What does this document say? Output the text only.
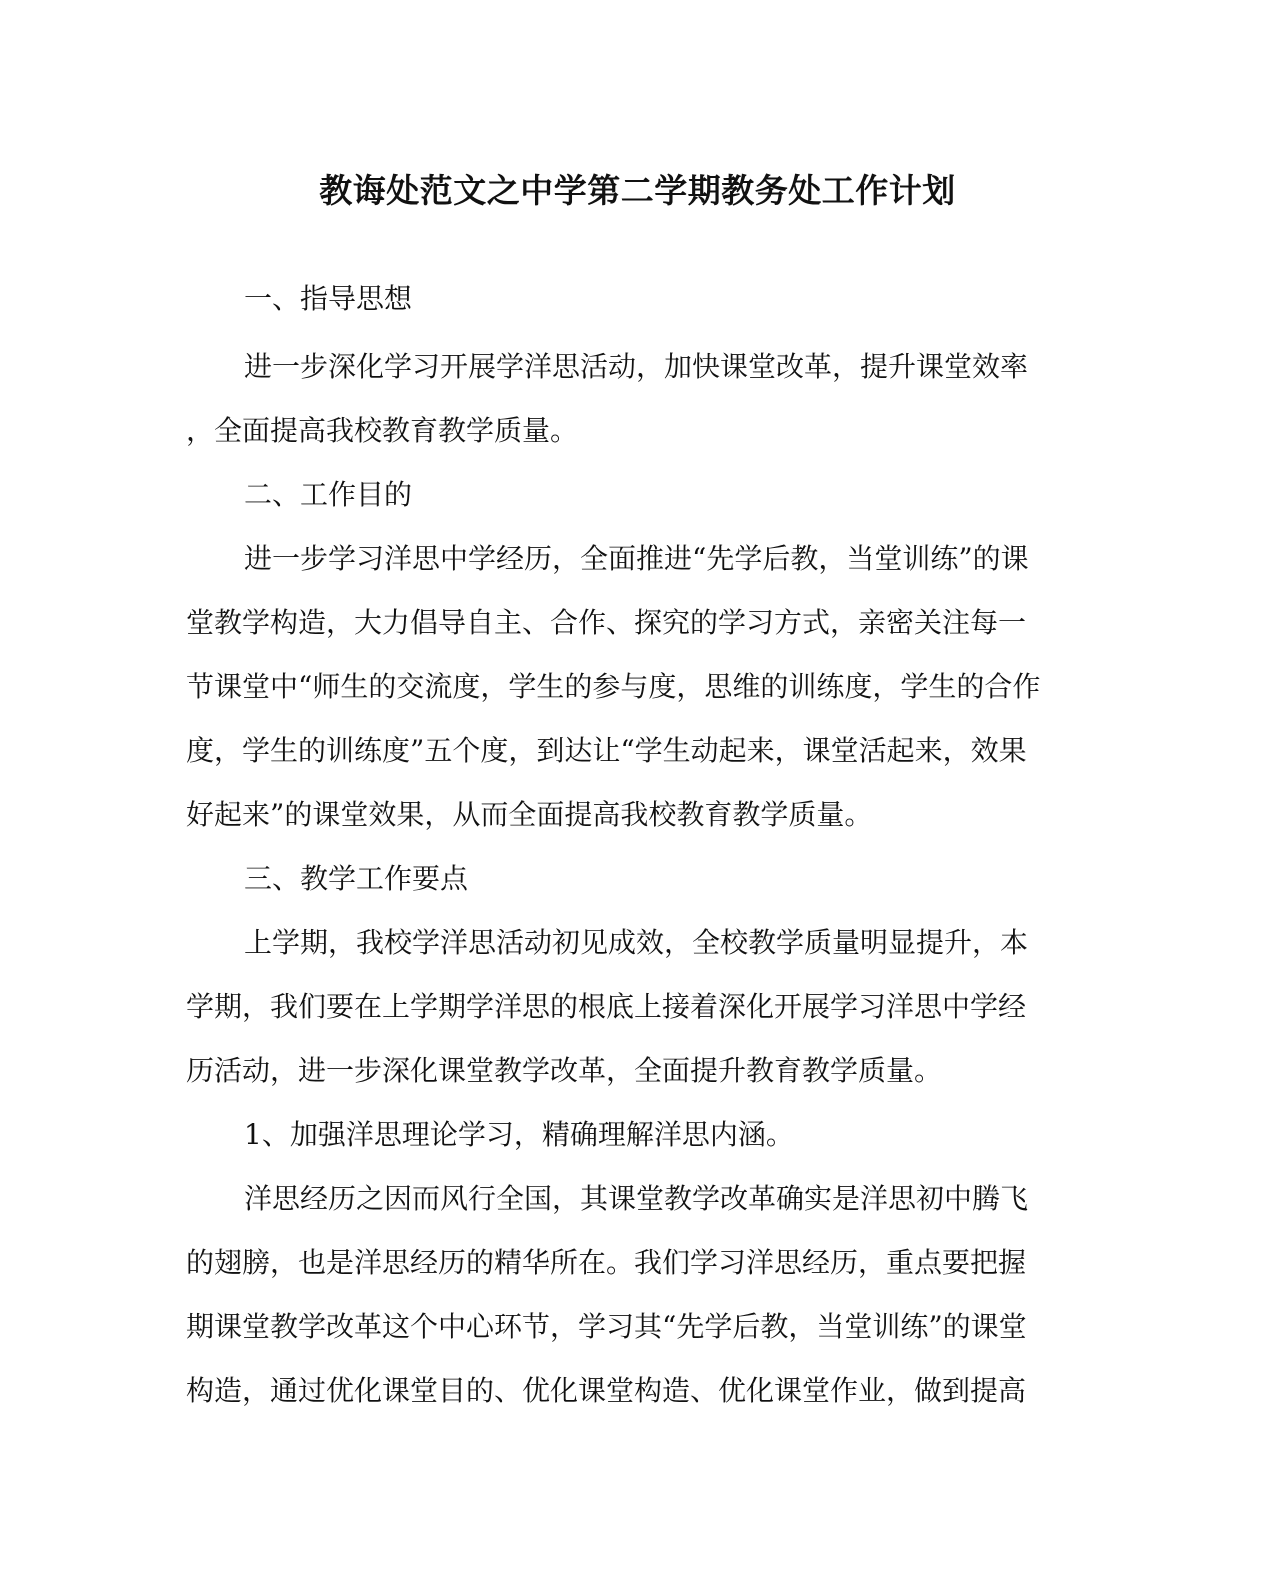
教诲处范文之中学第二学期教务处工作计划
一、指导思想
进一步深化学习开展学洋思活动，加快课堂改革，提升课堂效率
，全面提高我校教育教学质量。
二、工作目的
进一步学习洋思中学经历，全面推进“先学后教，当堂训练”的课
堂教学构造，大力倡导自主、合作、探究的学习方式，亲密关注每一
节课堂中“师生的交流度，学生的参与度，思维的训练度，学生的合作
度，学生的训练度”五个度，到达让“学生动起来，课堂活起来，效果
好起来”的课堂效果，从而全面提高我校教育教学质量。
三、教学工作要点
上学期，我校学洋思活动初见成效，全校教学质量明显提升，本
学期，我们要在上学期学洋思的根底上接着深化开展学习洋思中学经
历活动，进一步深化课堂教学改革，全面提升教育教学质量。
1、加强洋思理论学习，精确理解洋思内涵。
洋思经历之因而风行全国，其课堂教学改革确实是洋思初中腾飞
的翅膀，也是洋思经历的精华所在。我们学习洋思经历，重点要把握
期课堂教学改革这个中心环节，学习其“先学后教，当堂训练”的课堂
构造，通过优化课堂目的、优化课堂构造、优化课堂作业，做到提高
